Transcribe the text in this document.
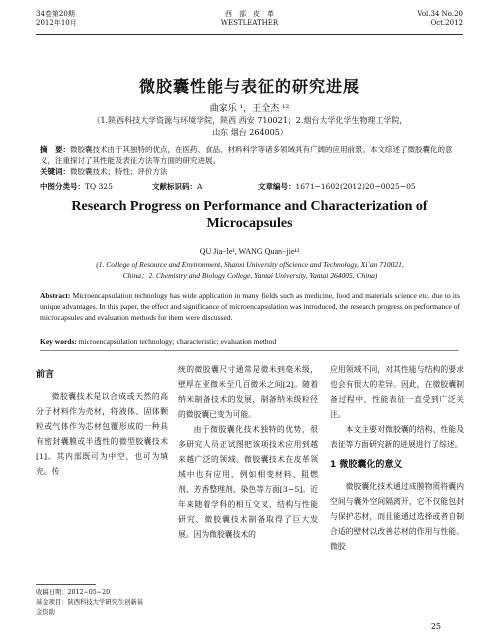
34卷第20期
2012年10月
西　部　皮　革
WESTLEATHER
Vol.34 No.20
Oct.2012
微胶囊性能与表征的研究进展
曲家乐 ¹，王全杰 ¹²
（1.陕西科技大学资源与环境学院，陕西 西安 710021；2.烟台大学化学生物理工学院，
山东 烟台 264005）
摘　要：微胶囊技术由于其独特的优点，在医药、食品、材料科学等诸多领域具有广阔的应用前景。本文综述了微胶囊化的意义，注重探讨了其性能及表征方法等方面的研究进展。
关键词：微胶囊技术；特性；评价方法
中图分类号：TQ 325	文献标识码：A	文章编号：1671−1602(2012)20−0025−05
Research Progress on Performance and Characterization of
Microcapsules
QU Jia−le¹, WANG Quan−jie¹²
(1. College of Resource and Environment, Shanxi University ofScience and Technology, Xi’an 710021,
China；2. Chemistry and Biology College, Yantai University, Yantai 264005, China)
Abstract: Microencapsulation technology has wide application in many fields such as medicine, food and materials science etc. due to its unique advantages. In this paper, the effect and significance of microencapsulation was introduced, the research progress on performance of microcapsules and evaluation methods for them were discussed.
Key words: microencapsulation technology; characteristic; evaluation method
前言

微胶囊技术是以合成或天然的高分子材料作为壳材，将液体、固体颗粒或气体作为芯材包覆形成的一种具有密封囊膜或半透性的微型胶囊技术[1]。其内部既可为中空，也可为填充。传

统的微胶囊尺寸通常是微米到毫米级，壁厚在亚微米至几百微米之间[2]。随着纳米制备技术的发展，制备纳米级粒径的微胶囊已变为可能。

由于微胶囊化技术独特的优势，很多研究人员正试图把该项技术应用到越来越广泛的领域。微胶囊技术在皮革领域中也有应用，例如相变材料、阻燃剂、芳香整理剂、染色等方面[3−5]。近年来随着学科的相互交叉，结构与性能研究、微胶囊技术制备取得了巨大发展。因为微胶囊技术的

应用领域不同，对其性能与结构的要求也会有很大的差异。因此，在微胶囊制备过程中，性能表征一直受到广泛关注。

本文主要对微胶囊的结构、性能及表征等方面研究新的进展进行了综述。

1 微胶囊化的意义

微胶囊化技术通过成膜物质将囊内空间与囊外空间隔离开，它不仅能包封与保护芯材，而且能通过选择或者自制合适的壁材以改善芯材的作用与性能。微胶

收稿日期：2012−05−20
基金项目：陕西科技大学研究生创新基
金资助
25
